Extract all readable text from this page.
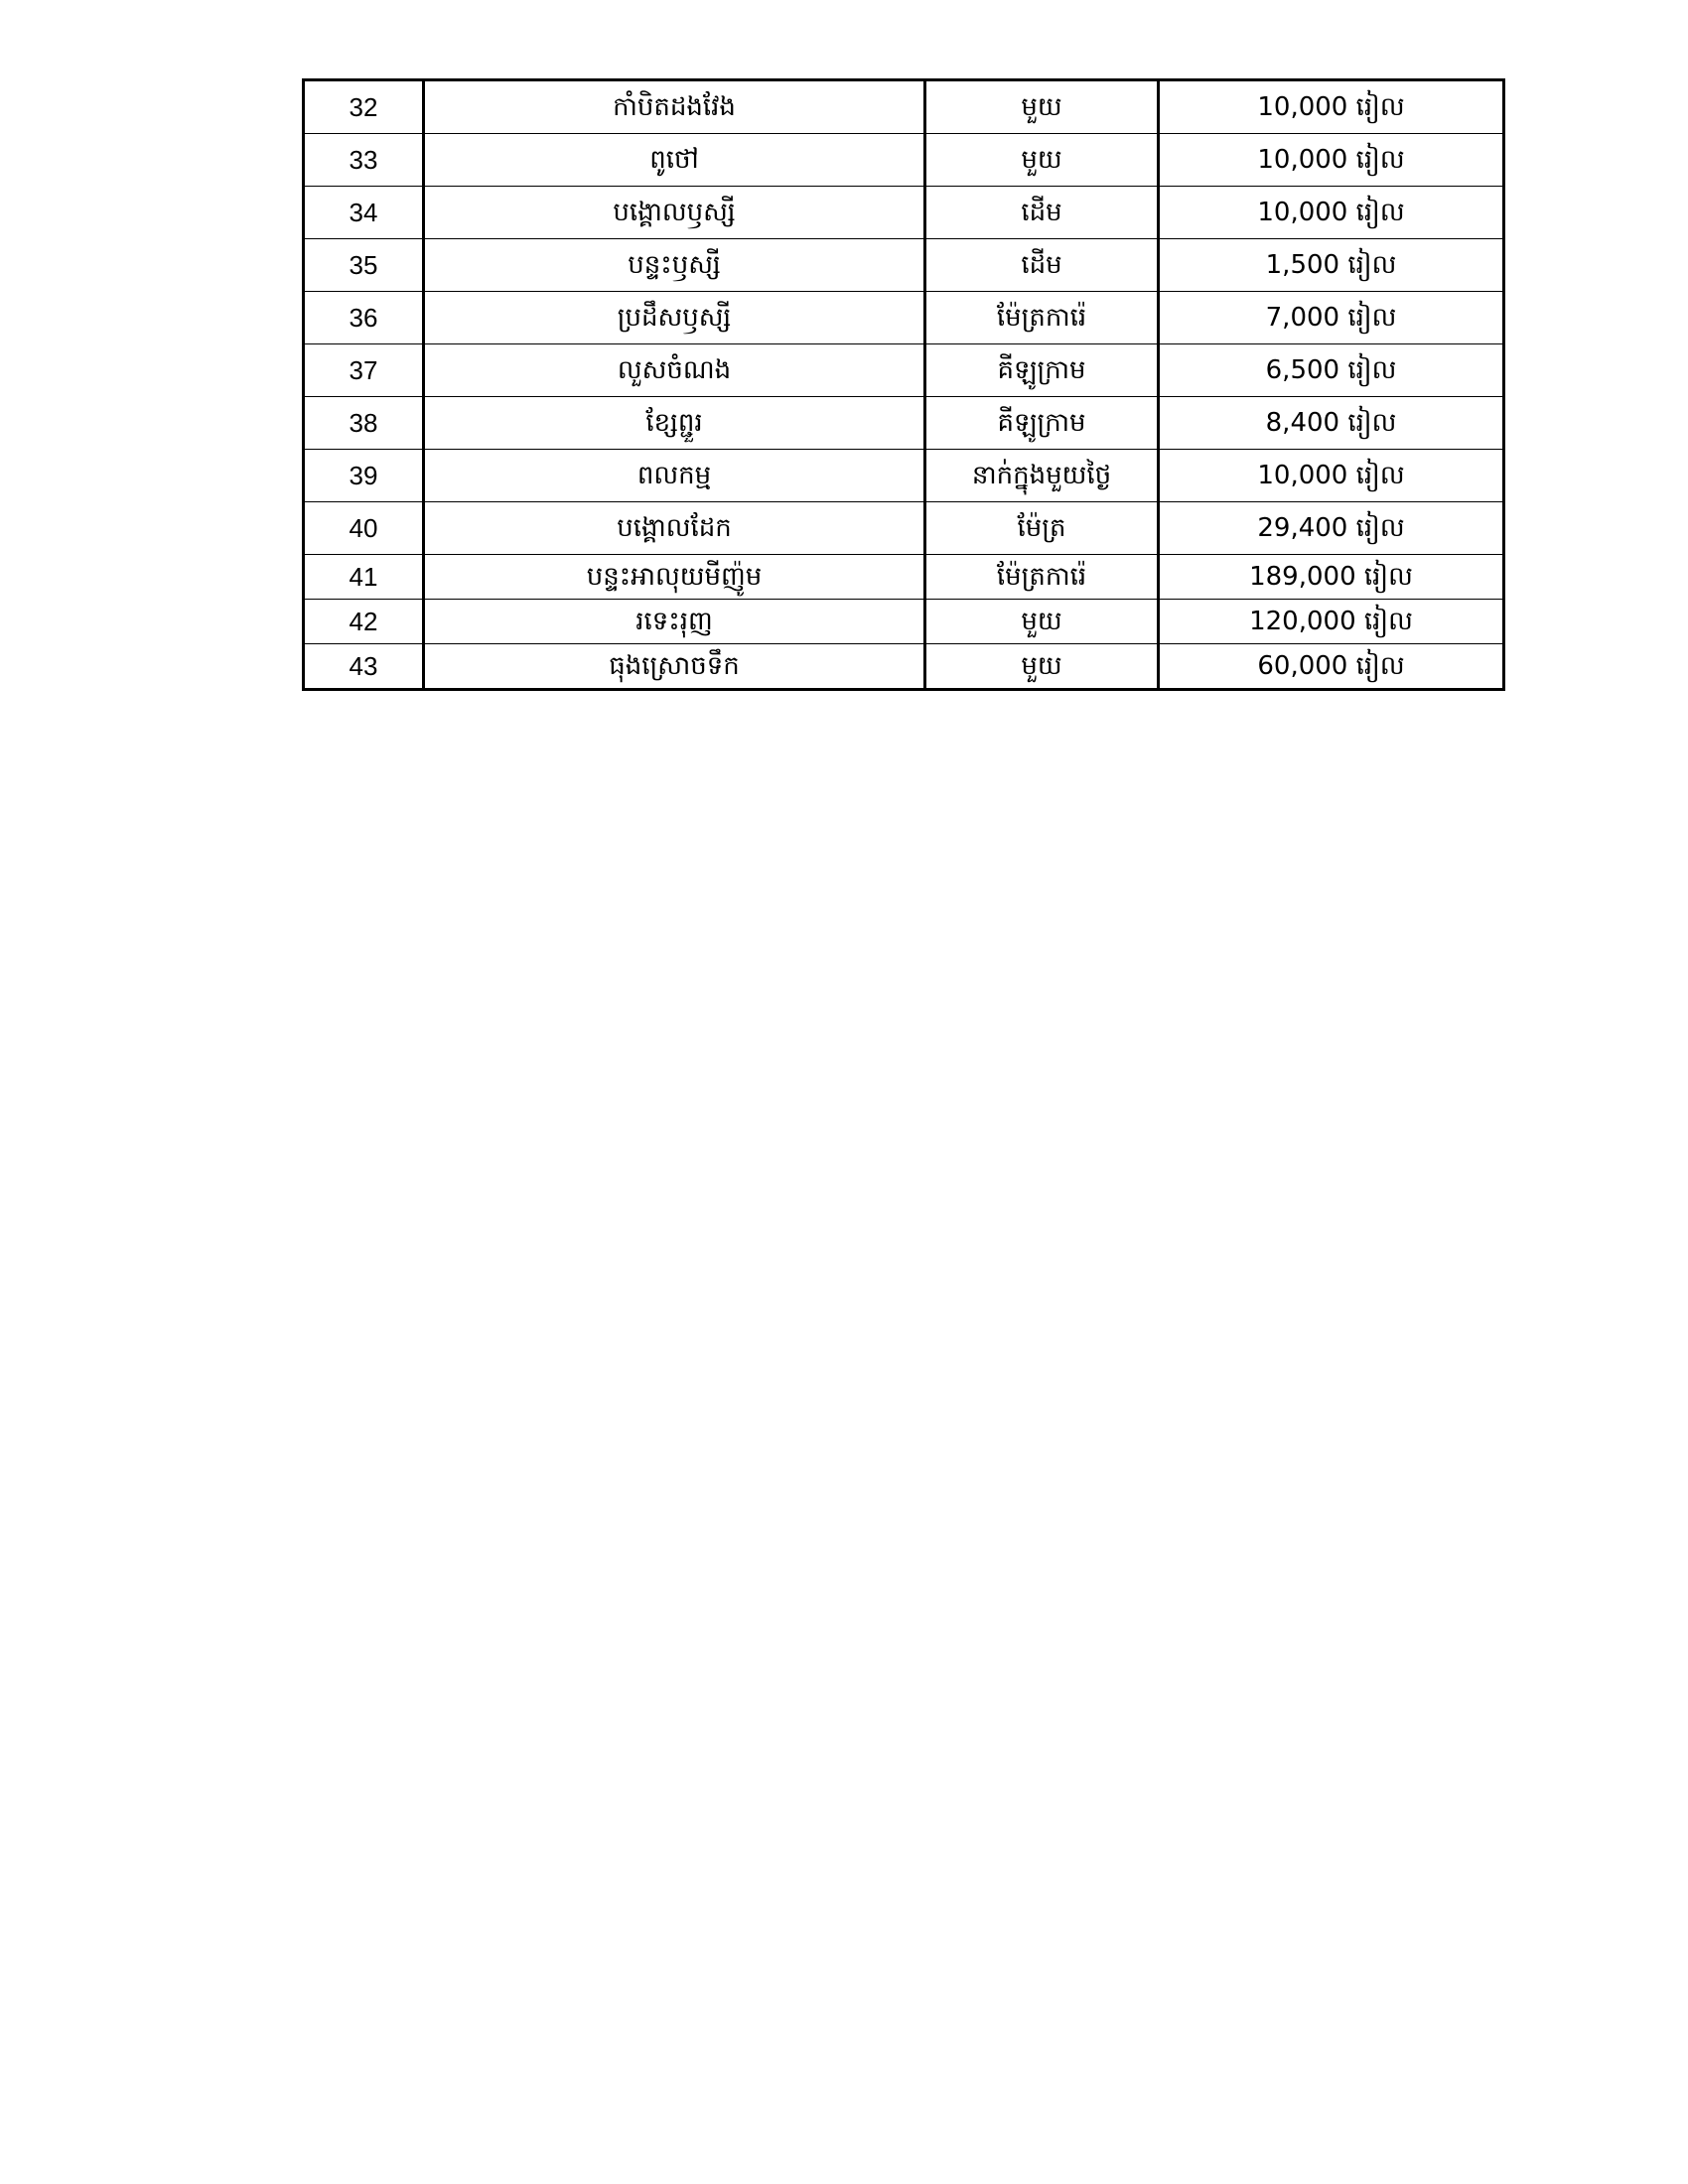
32	កាំបិតដងវែង	មួយ	10,000 រៀល
33	ពូថៅ	មួយ	10,000 រៀល
34	បង្គោលឫស្សី	ដើម	10,000 រៀល
35	បន្ទះឫស្សី	ដើម	1,500 រៀល
36	ប្រដឹសឫស្សី	ម៉ែត្រការ៉េ	7,000 រៀល
37	លួសចំណង	គីឡូក្រាម	6,500 រៀល
38	ខ្សែព្ជួរ	គីឡូក្រាម	8,400 រៀល
39	ពលកម្ម	នាក់ក្នុងមួយថ្ងៃ	10,000 រៀល
40	បង្គោលដែក	ម៉ែត្រ	29,400 រៀល
41	បន្ទះអាលុយមីញ៉ូម	ម៉ែត្រការ៉េ	189,000 រៀល
42	រទេះរុញ	មួយ	120,000 រៀល
43	ធុងស្រោចទឹក	មួយ	60,000 រៀល
